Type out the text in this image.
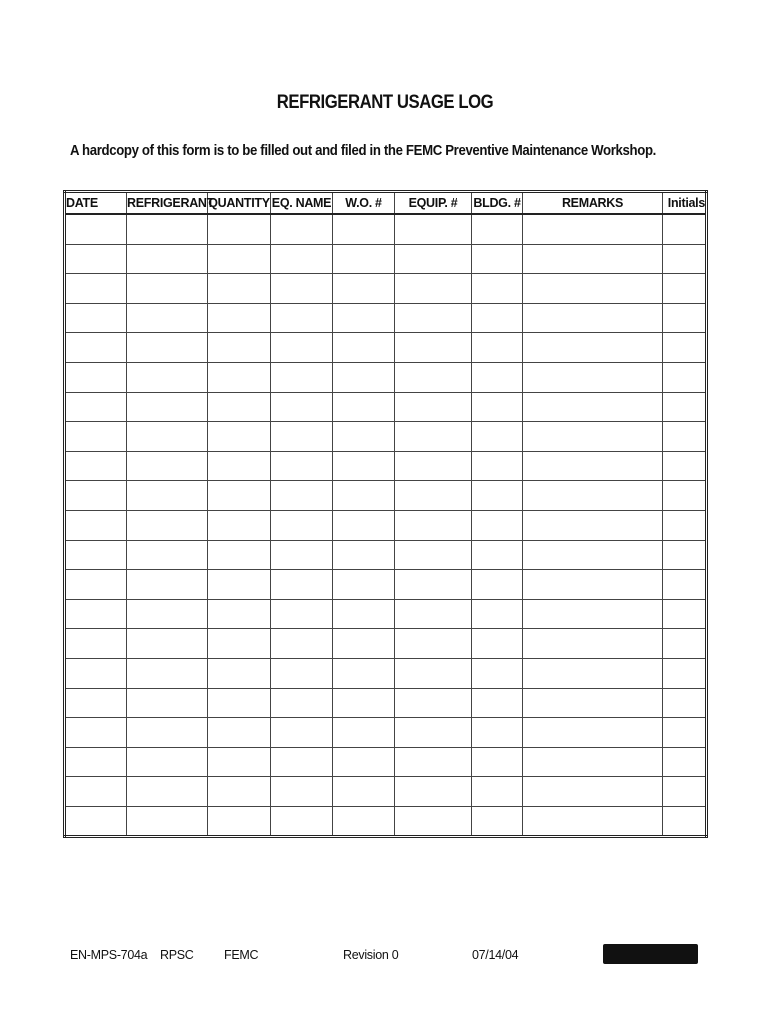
REFRIGERANT USAGE LOG
A hardcopy of this form is to be filled out and filed in the FEMC Preventive Maintenance Workshop.
DATE	REFRIGERANT	QUANTITY	EQ. NAME	W.O. #	EQUIP. #	BLDG. #	REMARKS	Initials

EN-MPS-704a RPSC FEMC	Revision 0	07/14/04
